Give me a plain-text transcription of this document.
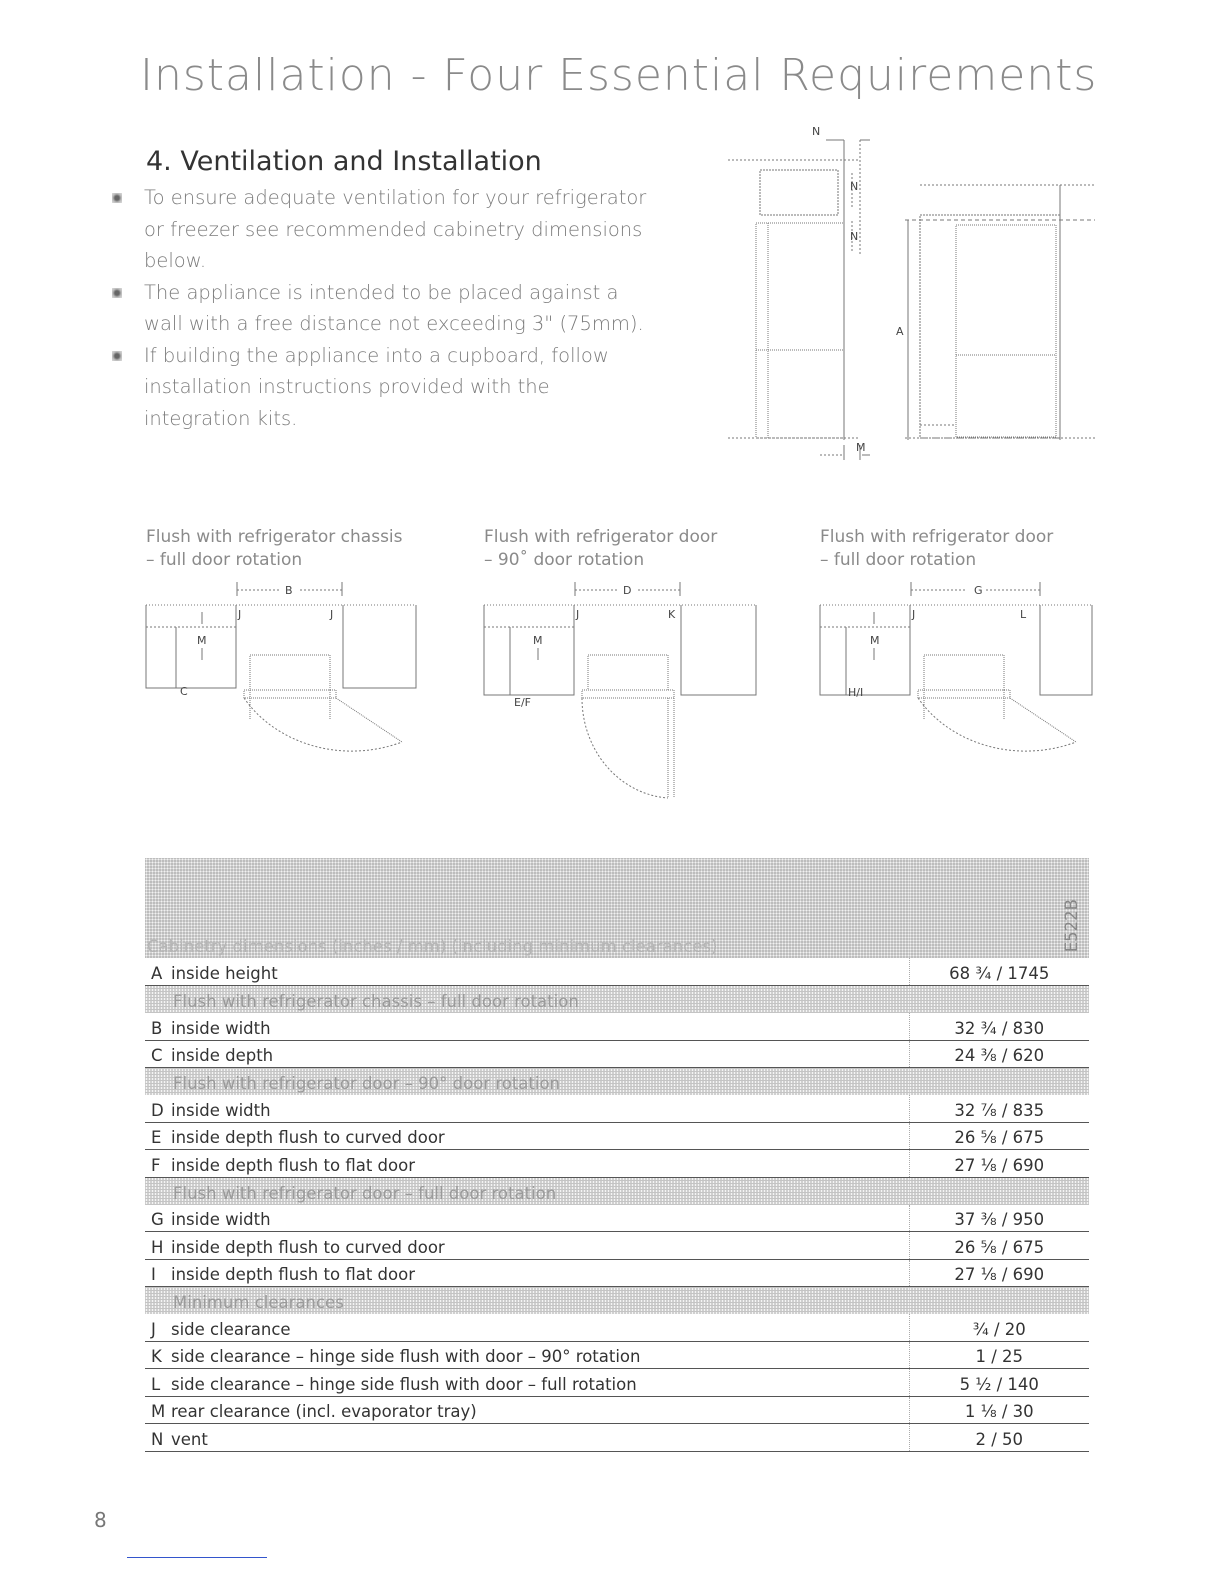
Installation - Four Essential Requirements
4. Ventilation and Installation
To ensure adequate ventilation for your refrigerator or freezer see recommended cabinetry dimensions below.
The appliance is intended to be placed against a wall with a free distance not exceeding 3" (75mm).
If building the appliance into a cupboard, follow installation instructions provided with the integration kits.
N
N
N
A
M
Flush with refrigerator chassis
– full door rotation
Flush with refrigerator door
– 90˚ door rotation
Flush with refrigerator door
– full door rotation
B
J	J
M
C
D
J	K
M
E/F
G
J	L
M
H/I
Cabinetry dimensions (inches / mm) (including minimum clearances)	E522B

A inside height	68 ¾ / 1745
Flush with refrigerator chassis – full door rotation	
B inside width	32 ¾ / 830
C inside depth	24 ⅜ / 620
Flush with refrigerator door – 90° door rotation	
D inside width	32 ⅞ / 835
E inside depth flush to curved door	26 ⅝ / 675
F inside depth flush to flat door	27 ⅛ / 690
Flush with refrigerator door – full door rotation	
G inside width	37 ⅜ / 950
H inside depth flush to curved door	26 ⅝ / 675
I inside depth flush to flat door	27 ⅛ / 690
Minimum clearances	
J side clearance	¾ / 20
K side clearance – hinge side flush with door – 90° rotation	1 / 25
L side clearance – hinge side flush with door – full rotation	5 ½ / 140
M rear clearance (incl. evaporator tray)	1 ⅛ / 30
N vent	2 / 50
8
